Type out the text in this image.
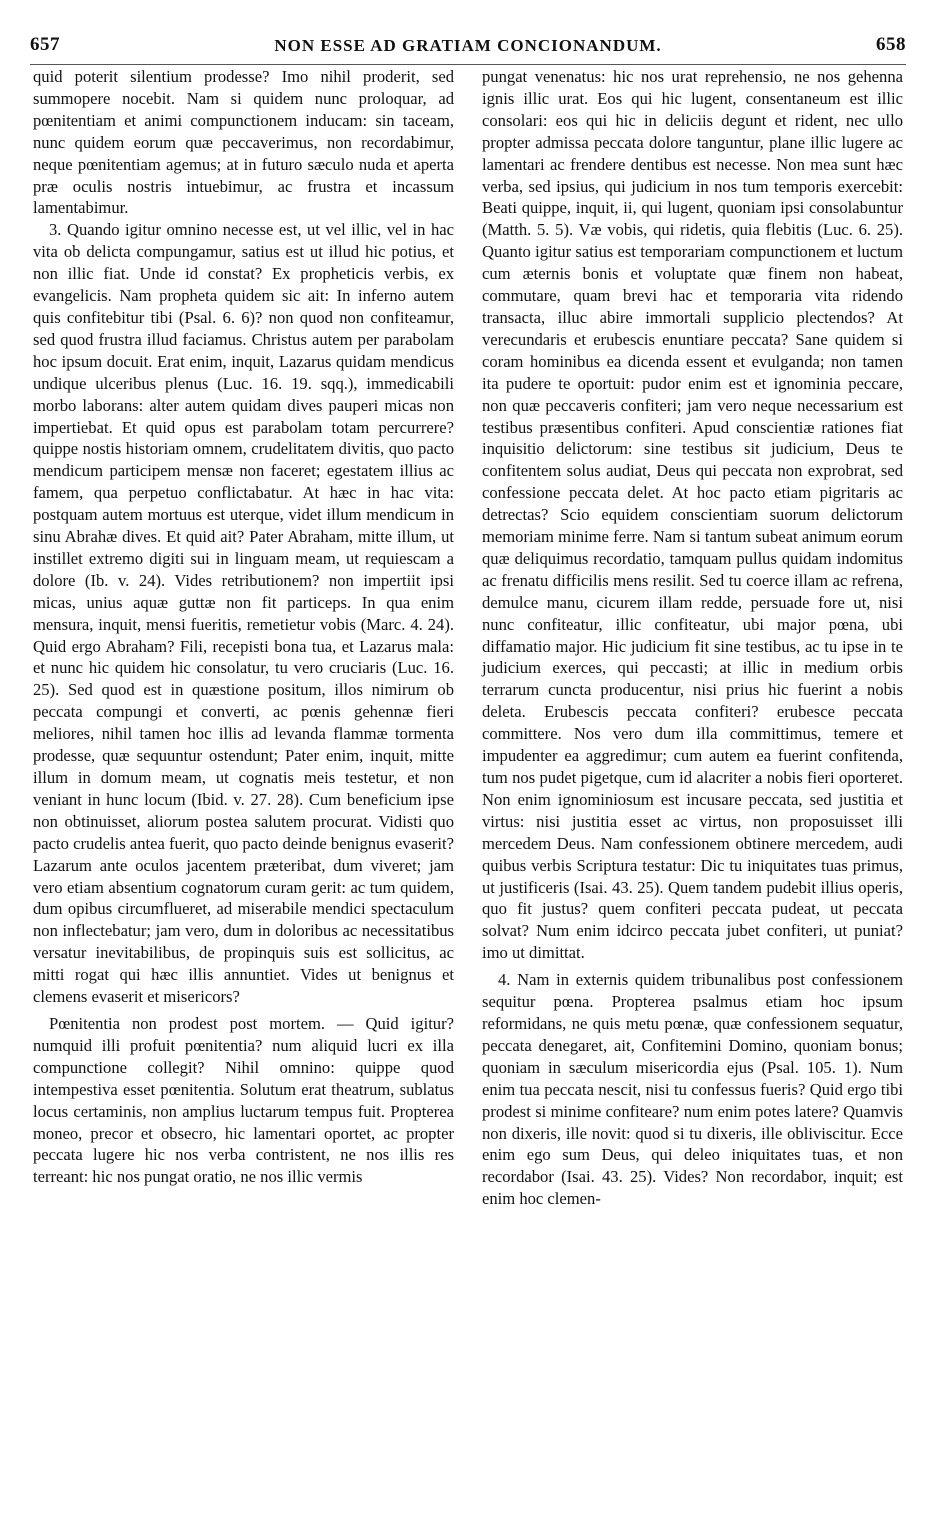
657	NON ESSE AD GRATIAM CONCIONANDUM.	658

quid poterit silentium prodesse? Imo nihil proderit, sed summopere nocebit. Nam si quidem nunc proloquar, ad pœnitentiam et animi compunctionem inducam: sin taceam, nunc quidem eorum quæ peccaverimus, non recordabimur, neque pœnitentiam agemus; at in futuro sæculo nuda et aperta præ oculis nostris intuebimur, ac frustra et incassum lamentabimur.

3. Quando igitur omnino necesse est, ut vel illic, vel in hac vita ob delicta compungamur, satius est ut illud hic potius, et non illic fiat. Unde id constat? Ex propheticis verbis, ex evangelicis. Nam propheta quidem sic ait: In inferno autem quis confitebitur tibi (Psal. 6. 6)? non quod non confiteamur, sed quod frustra illud faciamus. Christus autem per parabolam hoc ipsum docuit. Erat enim, inquit, Lazarus quidam mendicus undique ulceribus plenus (Luc. 16. 19. sqq.), immedicabili morbo laborans: alter autem quidam dives pauperi micas non impertiebat. Et quid opus est parabolam totam percurrere? quippe nostis historiam omnem, crudelitatem divitis, quo pacto mendicum participem mensæ non faceret; egestatem illius ac famem, qua perpetuo conflictabatur. At hæc in hac vita: postquam autem mortuus est uterque, videt illum mendicum in sinu Abrahæ dives. Et quid ait? Pater Abraham, mitte illum, ut instillet extremo digiti sui in linguam meam, ut requiescam a dolore (Ib. v. 24). Vides retributionem? non impertiit ipsi micas, unius aquæ guttæ non fit particeps. In qua enim mensura, inquit, mensi fueritis, remetietur vobis (Marc. 4. 24). Quid ergo Abraham? Fili, recepisti bona tua, et Lazarus mala: et nunc hic quidem hic consolatur, tu vero cruciaris (Luc. 16. 25). Sed quod est in quæstione positum, illos nimirum ob peccata compungi et converti, ac pœnis gehennæ fieri meliores, nihil tamen hoc illis ad levanda flammæ tormenta prodesse, quæ sequuntur ostendunt; Pater enim, inquit, mitte illum in domum meam, ut cognatis meis testetur, et non veniant in hunc locum (Ibid. v. 27. 28). Cum beneficium ipse non obtinuisset, aliorum postea salutem procurat. Vidisti quo pacto crudelis antea fuerit, quo pacto deinde benignus evaserit? Lazarum ante oculos jacentem præteribat, dum viveret; jam vero etiam absentium cognatorum curam gerit: ac tum quidem, dum opibus circumflueret, ad miserabile mendici spectaculum non inflectebatur; jam vero, dum in doloribus ac necessitatibus versatur inevitabilibus, de propinquis suis est sollicitus, ac mitti rogat qui hæc illis annuntiet. Vides ut benignus et clemens evaserit et misericors?

Pœnitentia non prodest post mortem. — Quid igitur? numquid illi profuit pœnitentia? num aliquid lucri ex illa compunctione collegit? Nihil omnino: quippe quod intempestiva esset pœnitentia. Solutum erat theatrum, sublatus locus certaminis, non amplius luctarum tempus fuit. Propterea moneo, precor et obsecro, hic lamentari oportet, ac propter peccata lugere hic nos verba contristent, ne nos illis res terreant: hic nos pungat oratio, ne nos illic vermis

pungat venenatus: hic nos urat reprehensio, ne nos gehenna ignis illic urat. Eos qui hic lugent, consentaneum est illic consolari: eos qui hic in deliciis degunt et rident, nec ullo propter admissa peccata dolore tanguntur, plane illic lugere ac lamentari ac frendere dentibus est necesse. Non mea sunt hæc verba, sed ipsius, qui judicium in nos tum temporis exercebit: Beati quippe, inquit, ii, qui lugent, quoniam ipsi consolabuntur (Matth. 5. 5). Væ vobis, qui ridetis, quia flebitis (Luc. 6. 25). Quanto igitur satius est temporariam compunctionem et luctum cum æternis bonis et voluptate quæ finem non habeat, commutare, quam brevi hac et temporaria vita ridendo transacta, illuc abire immortali supplicio plectendos? At verecundaris et erubescis enuntiare peccata? Sane quidem si coram hominibus ea dicenda essent et evulganda; non tamen ita pudere te oportuit: pudor enim est et ignominia peccare, non quæ peccaveris confiteri; jam vero neque necessarium est testibus præsentibus confiteri. Apud conscientiæ rationes fiat inquisitio delictorum: sine testibus sit judicium, Deus te confitentem solus audiat, Deus qui peccata non exprobrat, sed confessione peccata delet. At hoc pacto etiam pigritaris ac detrectas? Scio equidem conscientiam suorum delictorum memoriam minime ferre. Nam si tantum subeat animum eorum quæ deliquimus recordatio, tamquam pullus quidam indomitus ac frenatu difficilis mens resilit. Sed tu coerce illam ac refrena, demulce manu, cicurem illam redde, persuade fore ut, nisi nunc confiteatur, illic confiteatur, ubi major pœna, ubi diffamatio major. Hic judicium fit sine testibus, ac tu ipse in te judicium exerces, qui peccasti; at illic in medium orbis terrarum cuncta producentur, nisi prius hic fuerint a nobis deleta. Erubescis peccata confiteri? erubesce peccata committere. Nos vero dum illa committimus, temere et impudenter ea aggredimur; cum autem ea fuerint confitenda, tum nos pudet pigetque, cum id alacriter a nobis fieri oporteret. Non enim ignominiosum est incusare peccata, sed justitia et virtus: nisi justitia esset ac virtus, non proposuisset illi mercedem Deus. Nam confessionem obtinere mercedem, audi quibus verbis Scriptura testatur: Dic tu iniquitates tuas primus, ut justificeris (Isai. 43. 25). Quem tandem pudebit illius operis, quo fit justus? quem confiteri peccata pudeat, ut peccata solvat? Num enim idcirco peccata jubet confiteri, ut puniat? imo ut dimittat.

4. Nam in externis quidem tribunalibus post confessionem sequitur pœna. Propterea psalmus etiam hoc ipsum reformidans, ne quis metu pœnæ, quæ confessionem sequatur, peccata denegaret, ait, Confitemini Domino, quoniam bonus; quoniam in sæculum misericordia ejus (Psal. 105. 1). Num enim tua peccata nescit, nisi tu confessus fueris? Quid ergo tibi prodest si minime confiteare? num enim potes latere? Quamvis non dixeris, ille novit: quod si tu dixeris, ille obliviscitur. Ecce enim ego sum Deus, qui deleo iniquitates tuas, et non recordabor (Isai. 43. 25). Vides? Non recordabor, inquit; est enim hoc clemen-
